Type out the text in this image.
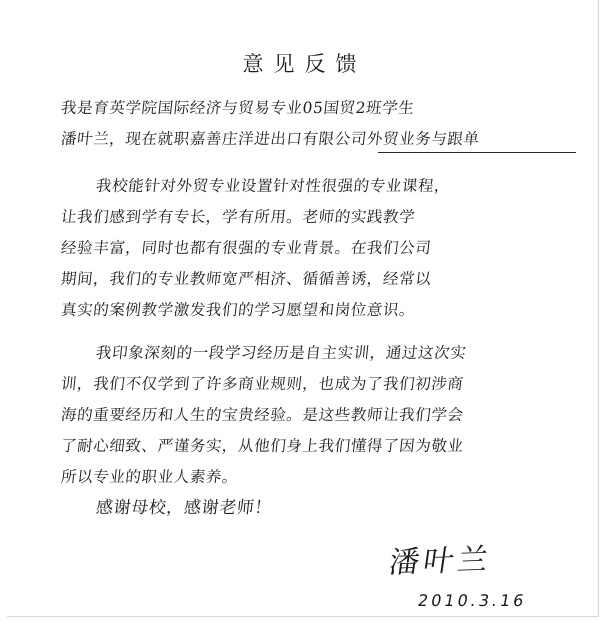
意见反馈
我是育英学院国际经济与贸易专业05国贸2班学生
潘叶兰，现在就职嘉善庄洋进出口有限公司外贸业务与跟单
我校能针对外贸专业设置针对性很强的专业课程，
让我们感到学有专长，学有所用。老师的实践教学
经验丰富，同时也都有很强的专业背景。在我们公司
期间，我们的专业教师宽严相济、循循善诱，经常以
真实的案例教学激发我们的学习愿望和岗位意识。
我印象深刻的一段学习经历是自主实训，通过这次实
训，我们不仅学到了许多商业规则，也成为了我们初涉商
海的重要经历和人生的宝贵经验。是这些教师让我们学会
了耐心细致、严谨务实，从他们身上我们懂得了因为敬业
所以专业的职业人素养。
感谢母校，感谢老师！
潘叶兰
2010.3.16
